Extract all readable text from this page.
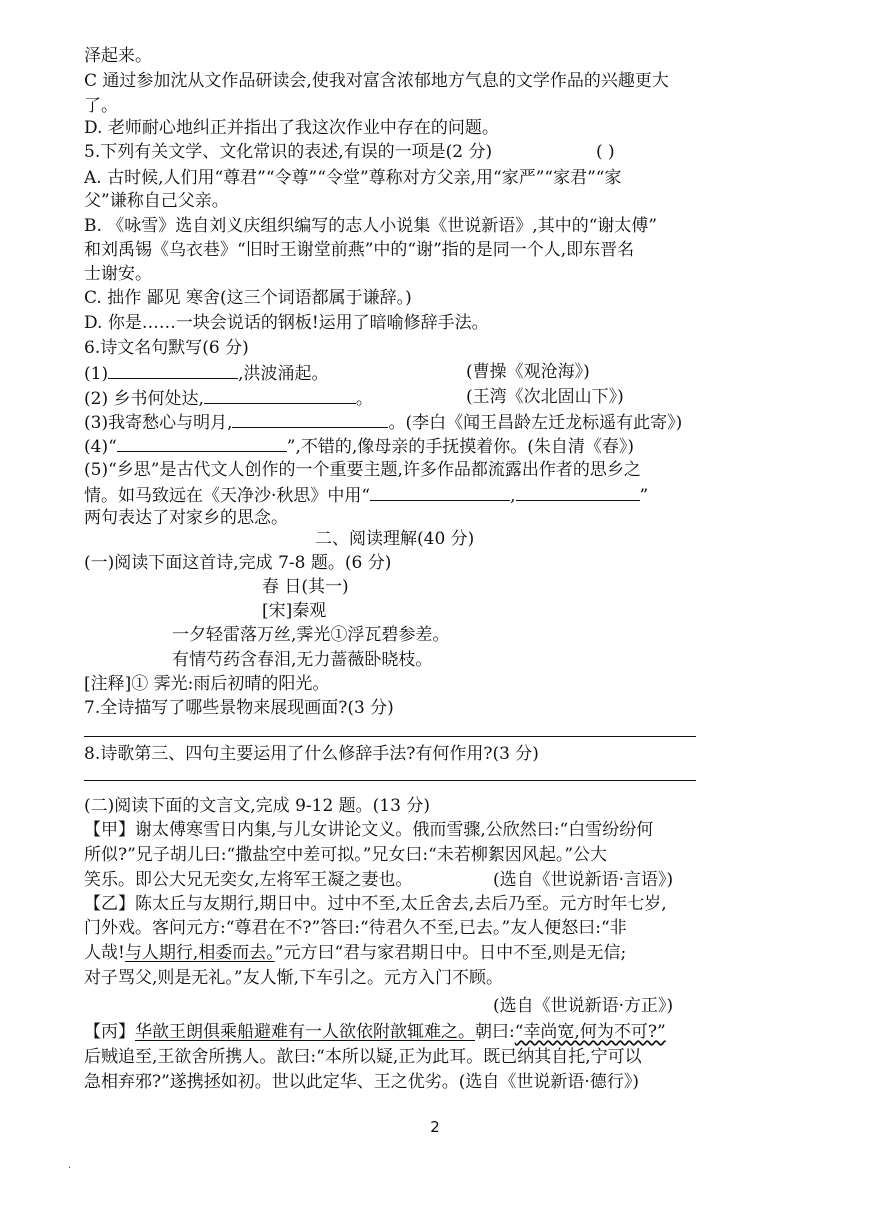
泽起来。
C 通过参加沈从文作品研读会,使我对富含浓郁地方气息的文学作品的兴趣更大
了。
D. 老师耐心地纠正并指出了我这次作业中存在的问题。
5.下列有关文学、文化常识的表述,有误的一项是(2 分)	( )
A. 古时候,人们用“尊君”“令尊”“令堂”尊称对方父亲,用“家严”“家君”“家
父”谦称自己父亲。
B. 《咏雪》选自刘义庆组织编写的志人小说集《世说新语》,其中的“谢太傅”
和刘禹锡《乌衣巷》“旧时王谢堂前燕”中的“谢”指的是同一个人,即东晋名
士谢安。
C. 拙作 鄙见 寒舍(这三个词语都属于谦辞。)
D. 你是……一块会说话的钢板!运用了暗喻修辞手法。
6.诗文名句默写(6 分)
(1)	,洪波涌起。	(曹操《观沧海》)
(2) 乡书何处达,	。	(王湾《次北固山下》)
(3)我寄愁心与明月,	。(李白《闻王昌龄左迁龙标遥有此寄》)
(4)“	”,不错的,像母亲的手抚摸着你。(朱自清《春》)
(5)“乡思”是古代文人创作的一个重要主题,许多作品都流露出作者的思乡之
情。如马致远在《天净沙·秋思》中用“	,	”
两句表达了对家乡的思念。
二、阅读理解(40 分)
(一)阅读下面这首诗,完成 7-8 题。(6 分)
春 日(其一)
[宋]秦观
一夕轻雷落万丝,霁光①浮瓦碧参差。
有情芍药含春泪,无力蔷薇卧晓枝。
[注释]① 霁光:雨后初晴的阳光。
7.全诗描写了哪些景物来展现画面?(3 分)
8.诗歌第三、四句主要运用了什么修辞手法?有何作用?(3 分)
(二)阅读下面的文言文,完成 9-12 题。(13 分)
【甲】谢太傅寒雪日内集,与儿女讲论文义。俄而雪骤,公欣然曰:“白雪纷纷何
所似?”兄子胡儿曰:“撒盐空中差可拟。”兄女曰:“未若柳絮因风起。”公大
笑乐。即公大兄无奕女,左将军王凝之妻也。	(选自《世说新语·言语》)
【乙】陈太丘与友期行,期日中。过中不至,太丘舍去,去后乃至。元方时年七岁,
门外戏。客问元方:“尊君在不?”答曰:“待君久不至,已去。”友人便怒曰:“非
人哉!与人期行,相委而去。”元方曰“君与家君期日中。日中不至,则是无信;
对子骂父,则是无礼。”友人惭,下车引之。元方入门不顾。
(选自《世说新语·方正》)
【丙】华歆王朗俱乘船避难有一人欲依附歆辄难之。朝曰:“幸尚宽,何为不可?”
后贼追至,王欲舍所携人。歆曰:“本所以疑,正为此耳。既已纳其自托,宁可以
急相弃邪?”遂携拯如初。世以此定华、王之优劣。(选自《世说新语·德行》)
2
·
